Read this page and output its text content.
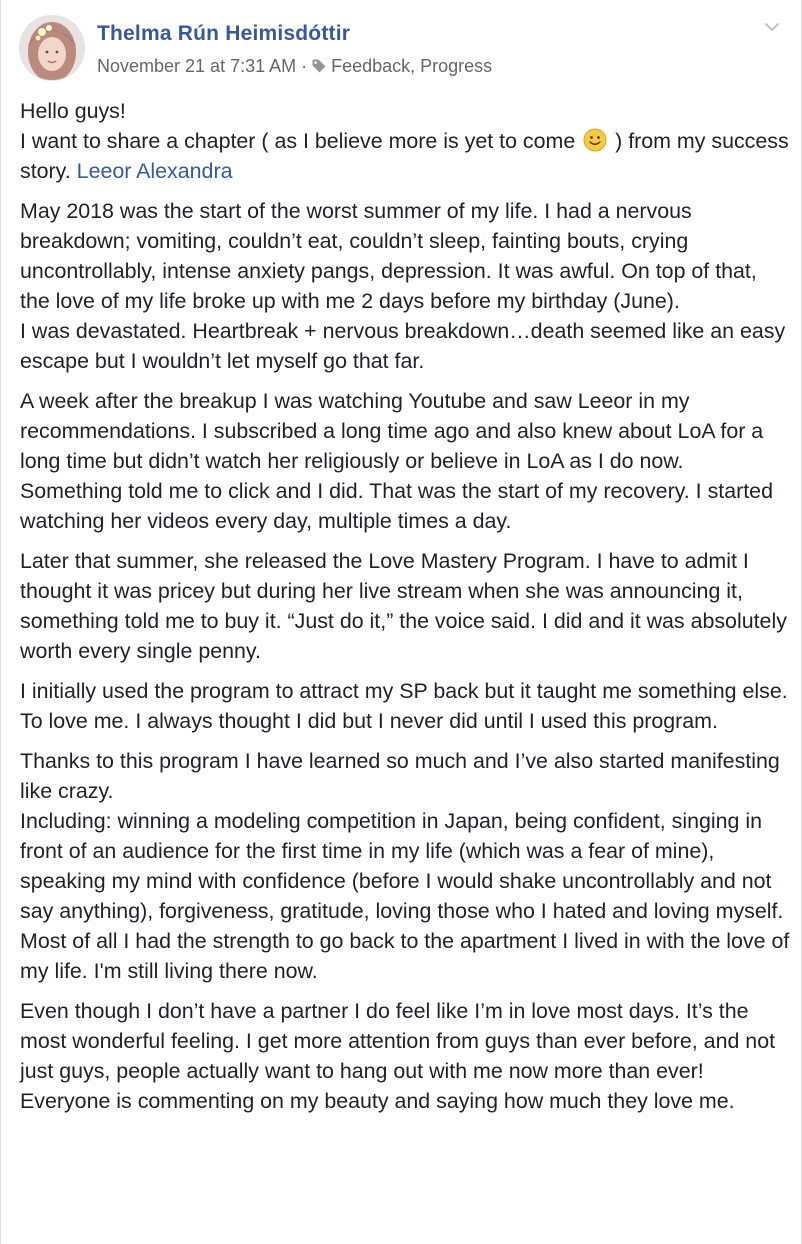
Thelma Rún Heimisdóttir
November 21 at 7:31 AM · Feedback, Progress

Hello guys!
I want to share a chapter ( as I believe more is yet to come ) from my success story. Leeor Alexandra

May 2018 was the start of the worst summer of my life. I had a nervous breakdown; vomiting, couldn’t eat, couldn’t sleep, fainting bouts, crying uncontrollably, intense anxiety pangs, depression. It was awful. On top of that, the love of my life broke up with me 2 days before my birthday (June).
I was devastated. Heartbreak + nervous breakdown…death seemed like an easy escape but I wouldn’t let myself go that far.

A week after the breakup I was watching Youtube and saw Leeor in my recommendations. I subscribed a long time ago and also knew about LoA for a long time but didn’t watch her religiously or believe in LoA as I do now. Something told me to click and I did. That was the start of my recovery. I started watching her videos every day, multiple times a day.

Later that summer, she released the Love Mastery Program. I have to admit I thought it was pricey but during her live stream when she was announcing it, something told me to buy it. “Just do it,” the voice said. I did and it was absolutely worth every single penny.

I initially used the program to attract my SP back but it taught me something else. To love me. I always thought I did but I never did until I used this program.

Thanks to this program I have learned so much and I’ve also started manifesting like crazy.
Including: winning a modeling competition in Japan, being confident, singing in front of an audience for the first time in my life (which was a fear of mine), speaking my mind with confidence (before I would shake uncontrollably and not say anything), forgiveness, gratitude, loving those who I hated and loving myself. Most of all I had the strength to go back to the apartment I lived in with the love of my life. I'm still living there now.

Even though I don’t have a partner I do feel like I’m in love most days. It’s the most wonderful feeling. I get more attention from guys than ever before, and not just guys, people actually want to hang out with me now more than ever! Everyone is commenting on my beauty and saying how much they love me.
